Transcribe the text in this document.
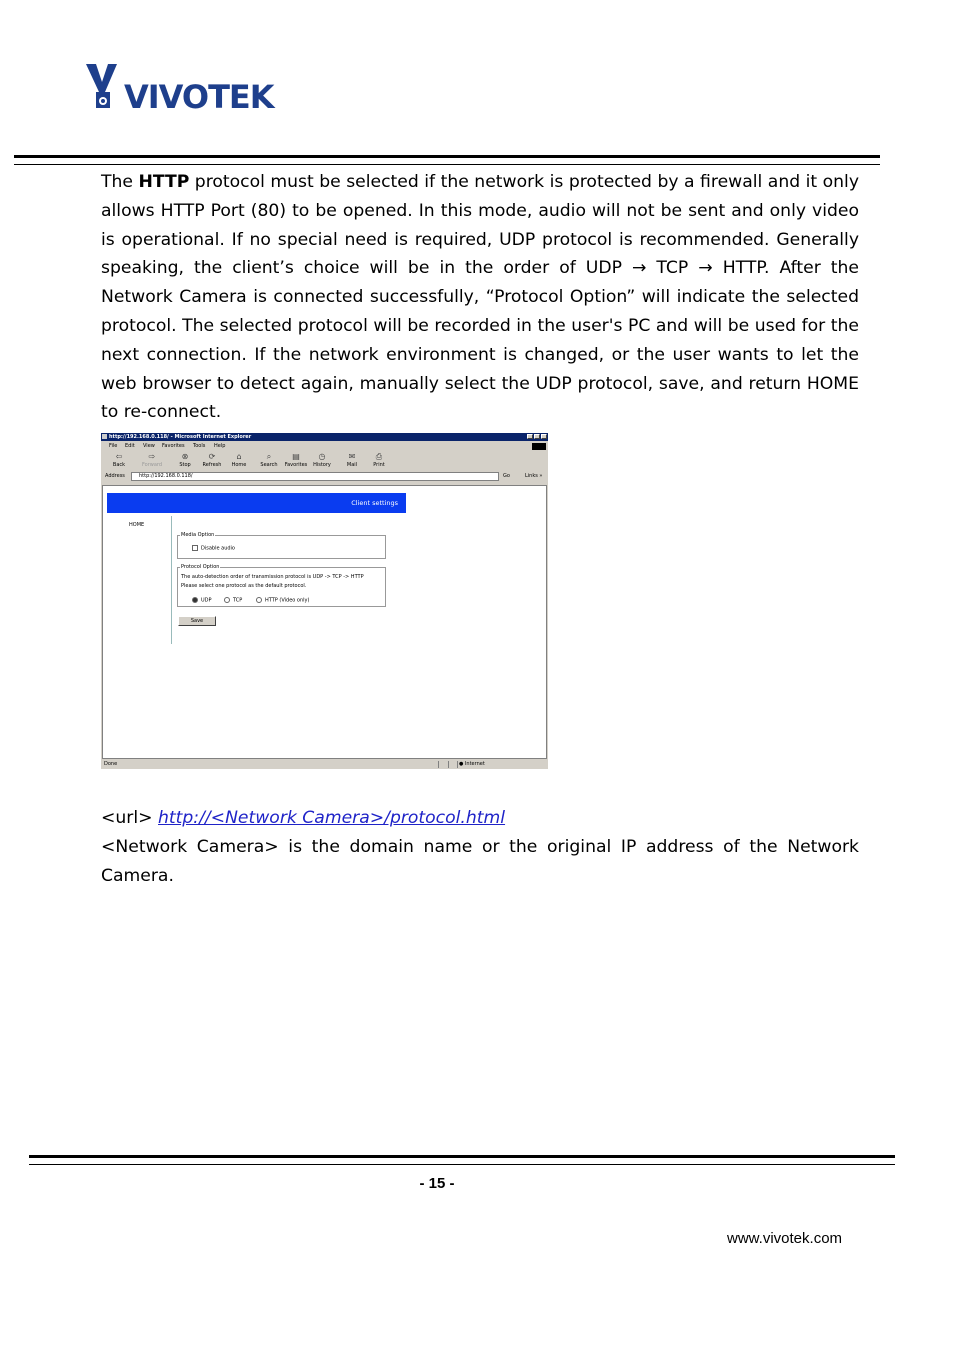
VIVOTEK
The HTTP protocol must be selected if the network is protected by a firewall and it only allows HTTP Port (80) to be opened. In this mode, audio will not be sent and only video is operational. If no special need is required, UDP protocol is recommended. Generally speaking, the client’s choice will be in the order of UDP → TCP → HTTP. After the Network Camera is connected successfully, “Protocol Option” will indicate the selected protocol. The selected protocol will be recorded in the user's PC and will be used for the next connection. If the network environment is changed, or the user wants to let the web browser to detect again, manually select the UDP protocol, save, and return HOME to re-connect.
http://192.168.0.118/ - Microsoft Internet Explorer
File Edit View Favorites Tools Help
⇦
Back
⇨
Forward
⊗
Stop
⟳
Refresh
⌂
Home
⌕
Search
▤
Favorites
◷
History
✉
Mail
⎙
Print
Address	http://192.168.0.118/	Go	Links »
Client settings
HOME
Media Option
Disable audio
Protocol Option
The auto-detection order of transmission protocol is UDP -> TCP -> HTTP
Please select one protocol as the default protocol.
UDP	TCP	HTTP (Video only)
Save
Done	● Internet
<url> http://<Network Camera>/protocol.html
<Network Camera> is the domain name or the original IP address of the Network Camera.
- 15 -
www.vivotek.com
